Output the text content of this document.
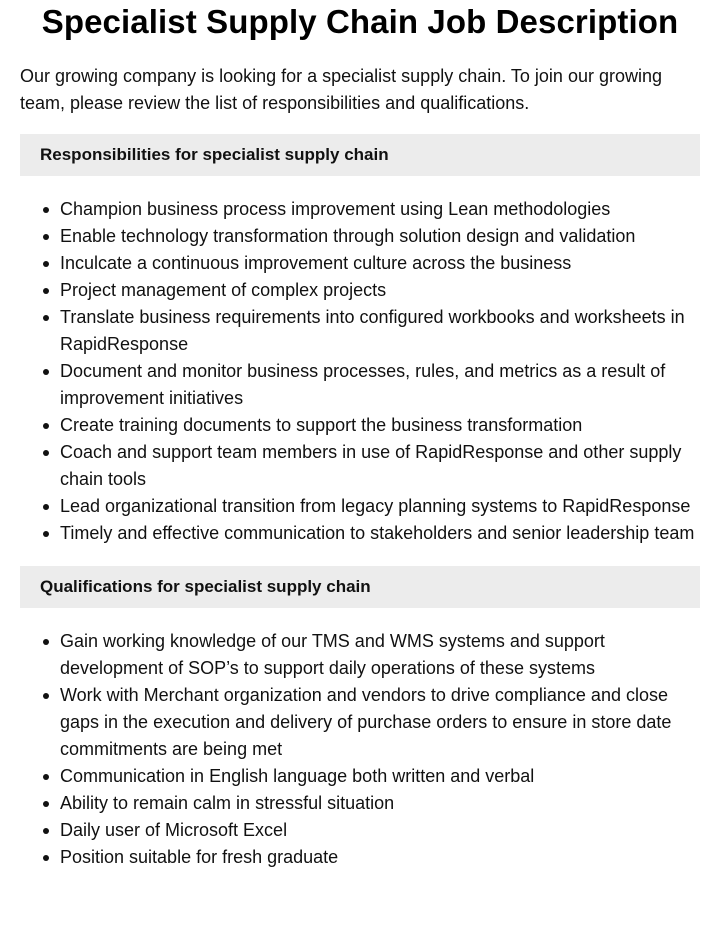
Specialist Supply Chain Job Description

Our growing company is looking for a specialist supply chain. To join our growing team, please review the list of responsibilities and qualifications.

Responsibilities for specialist supply chain
Champion business process improvement using Lean methodologies
Enable technology transformation through solution design and validation
Inculcate a continuous improvement culture across the business
Project management of complex projects
Translate business requirements into configured workbooks and worksheets in RapidResponse
Document and monitor business processes, rules, and metrics as a result of improvement initiatives
Create training documents to support the business transformation
Coach and support team members in use of RapidResponse and other supply chain tools
Lead organizational transition from legacy planning systems to RapidResponse
Timely and effective communication to stakeholders and senior leadership team
Qualifications for specialist supply chain
Gain working knowledge of our TMS and WMS systems and support development of SOP’s to support daily operations of these systems
Work with Merchant organization and vendors to drive compliance and close gaps in the execution and delivery of purchase orders to ensure in store date commitments are being met
Communication in English language both written and verbal
Ability to remain calm in stressful situation
Daily user of Microsoft Excel
Position suitable for fresh graduate
